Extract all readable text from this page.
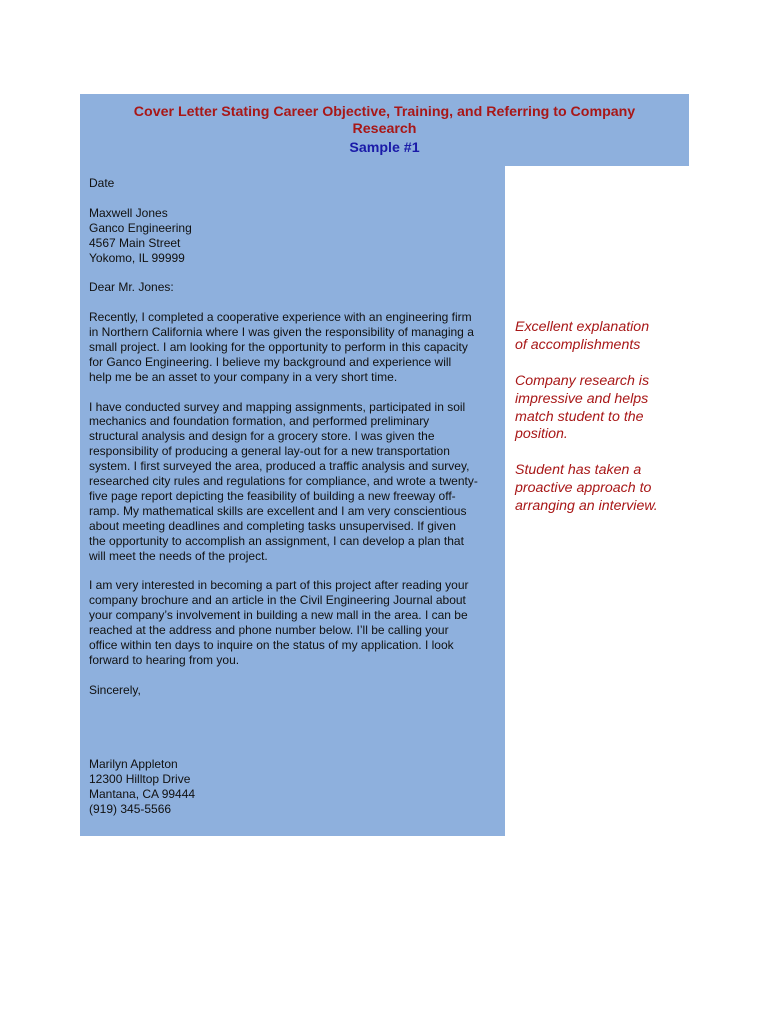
Cover Letter Stating Career Objective, Training, and Referring to Company Research
Sample #1

Date

Maxwell Jones
Ganco Engineering
4567 Main Street
Yokomo, IL 99999

Dear Mr. Jones:

Recently, I completed a cooperative experience with an engineering firm
in Northern California where I was given the responsibility of managing a
small project. I am looking for the opportunity to perform in this capacity
for Ganco Engineering. I believe my background and experience will
help me be an asset to your company in a very short time.

I have conducted survey and mapping assignments, participated in soil
mechanics and foundation formation, and performed preliminary
structural analysis and design for a grocery store. I was given the
responsibility of producing a general lay-out for a new transportation
system. I first surveyed the area, produced a traffic analysis and survey,
researched city rules and regulations for compliance, and wrote a twenty-
five page report depicting the feasibility of building a new freeway off-
ramp. My mathematical skills are excellent and I am very conscientious
about meeting deadlines and completing tasks unsupervised. If given
the opportunity to accomplish an assignment, I can develop a plan that
will meet the needs of the project.

I am very interested in becoming a part of this project after reading your
company brochure and an article in the Civil Engineering Journal about
your company’s involvement in building a new mall in the area. I can be
reached at the address and phone number below. I’ll be calling your
office within ten days to inquire on the status of my application. I look
forward to hearing from you.

Sincerely,

Marilyn Appleton
12300 Hilltop Drive
Mantana, CA 99444
(919) 345-5566

Excellent explanation
of accomplishments

Company research is
impressive and helps
match student to the
position.

Student has taken a
proactive approach to
arranging an interview.
